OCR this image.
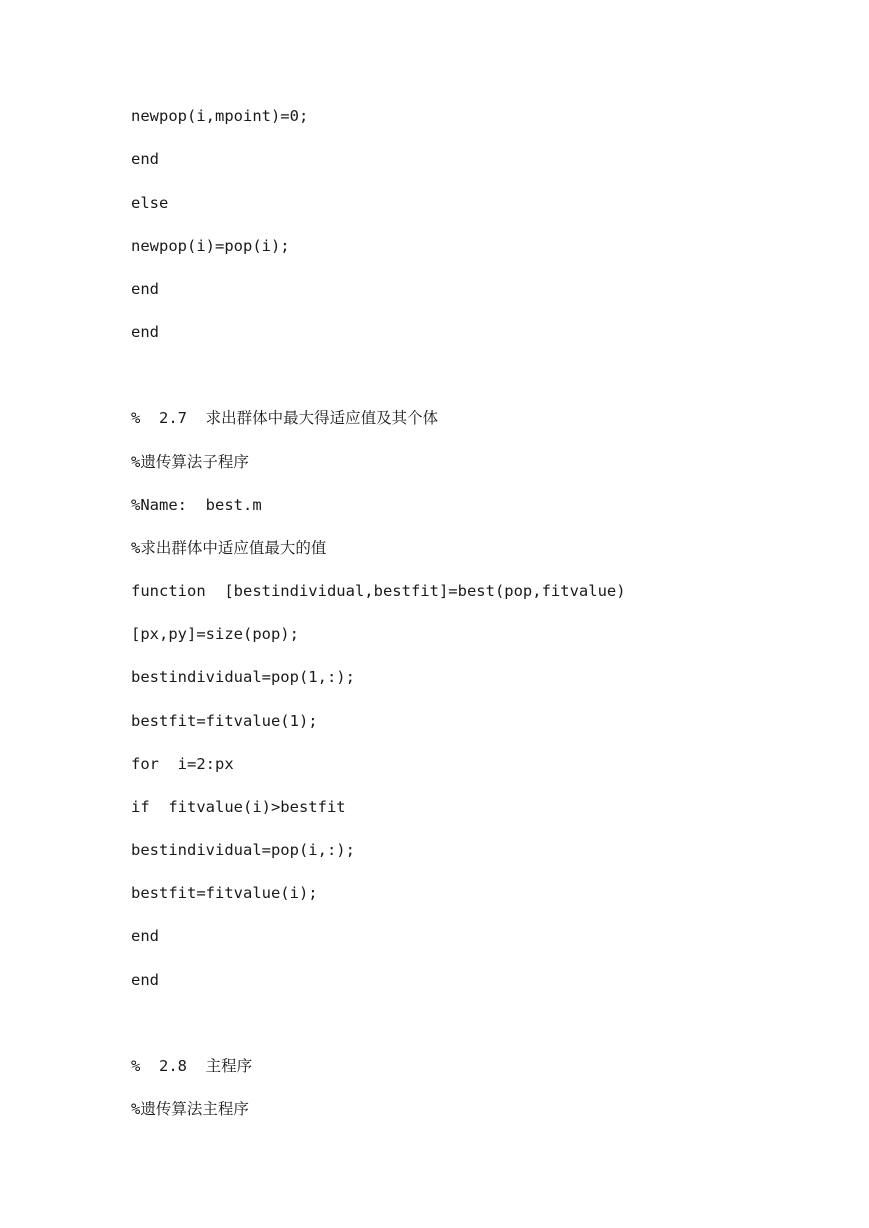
newpop(i,mpoint)=0;

end

else

newpop(i)=pop(i);

end

end

%  2.7  求出群体中最大得适应值及其个体

%遗传算法子程序

%Name:  best.m

%求出群体中适应值最大的值

function  [bestindividual,bestfit]=best(pop,fitvalue)

[px,py]=size(pop);

bestindividual=pop(1,:);

bestfit=fitvalue(1);

for  i=2:px

if  fitvalue(i)>bestfit

bestindividual=pop(i,:);

bestfit=fitvalue(i);

end

end

%  2.8  主程序

%遗传算法主程序
